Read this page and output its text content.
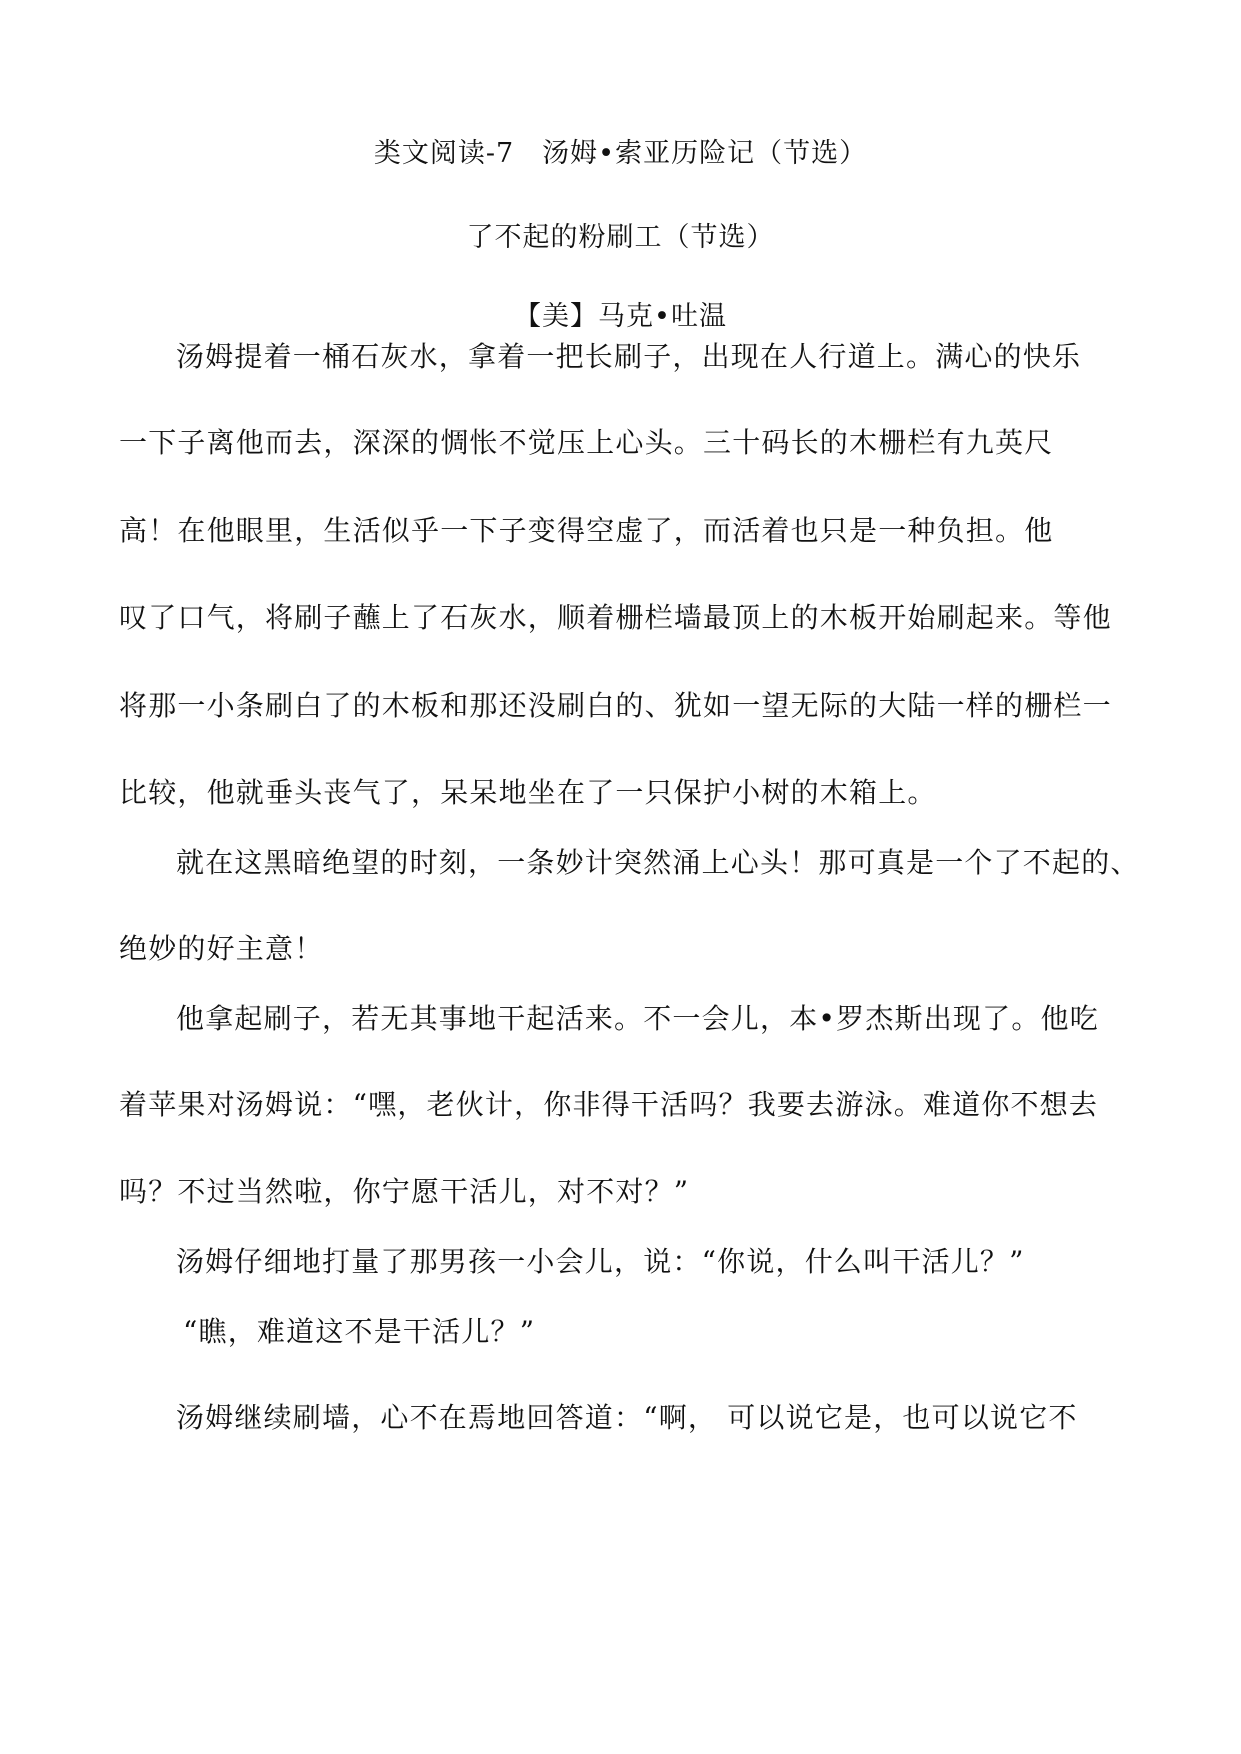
类文阅读-7　汤姆•索亚历险记（节选）
了不起的粉刷工（节选）
【美】马克•吐温
汤姆提着一桶石灰水，拿着一把长刷子，出现在人行道上。满心的快乐
一下子离他而去，深深的惆怅不觉压上心头。三十码长的木栅栏有九英尺
高！在他眼里，生活似乎一下子变得空虚了，而活着也只是一种负担。他
叹了口气，将刷子蘸上了石灰水，顺着栅栏墙最顶上的木板开始刷起来。等他
将那一小条刷白了的木板和那还没刷白的、犹如一望无际的大陆一样的栅栏一
比较，他就垂头丧气了，呆呆地坐在了一只保护小树的木箱上。
就在这黑暗绝望的时刻，一条妙计突然涌上心头！那可真是一个了不起的、
绝妙的好主意！
他拿起刷子，若无其事地干起活来。不一会儿，本•罗杰斯出现了。他吃
着苹果对汤姆说：“嘿，老伙计，你非得干活吗？我要去游泳。难道你不想去
吗？不过当然啦，你宁愿干活儿，对不对？”
汤姆仔细地打量了那男孩一小会儿，说：“你说，什么叫干活儿？”
“瞧，难道这不是干活儿？”
汤姆继续刷墙，心不在焉地回答道：“啊， 可以说它是，也可以说它不
